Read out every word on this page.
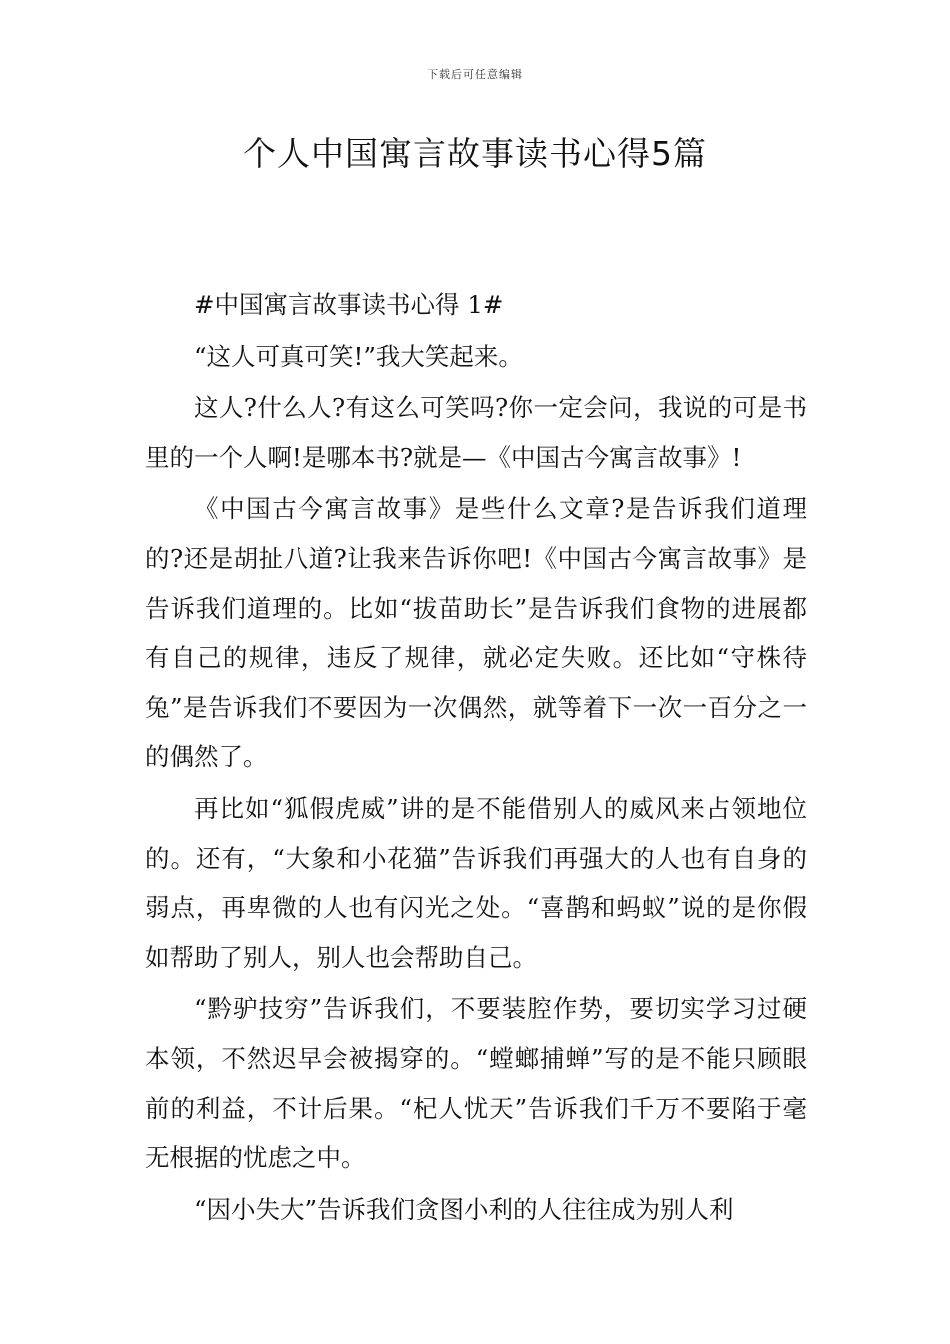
下载后可任意编辑
个人中国寓言故事读书心得5篇

#中国寓言故事读书心得 1#

“这人可真可笑!”我大笑起来。

这人?什么人?有这么可笑吗?你一定会问，我说的可是书里的一个人啊!是哪本书?就是—《中国古今寓言故事》!

《中国古今寓言故事》是些什么文章?是告诉我们道理的?还是胡扯八道?让我来告诉你吧!《中国古今寓言故事》是告诉我们道理的。比如“拔苗助长”是告诉我们食物的进展都有自己的规律，违反了规律，就必定失败。还比如“守株待兔”是告诉我们不要因为一次偶然，就等着下一次一百分之一的偶然了。

再比如“狐假虎威”讲的是不能借别人的威风来占领地位的。还有，“大象和小花猫”告诉我们再强大的人也有自身的弱点，再卑微的人也有闪光之处。“喜鹊和蚂蚁”说的是你假如帮助了别人，别人也会帮助自己。

“黔驴技穷”告诉我们，不要装腔作势，要切实学习过硬本领，不然迟早会被揭穿的。“螳螂捕蝉”写的是不能只顾眼前的利益，不计后果。“杞人忧天”告诉我们千万不要陷于毫无根据的忧虑之中。

“因小失大”告诉我们贪图小利的人往往成为别人利
